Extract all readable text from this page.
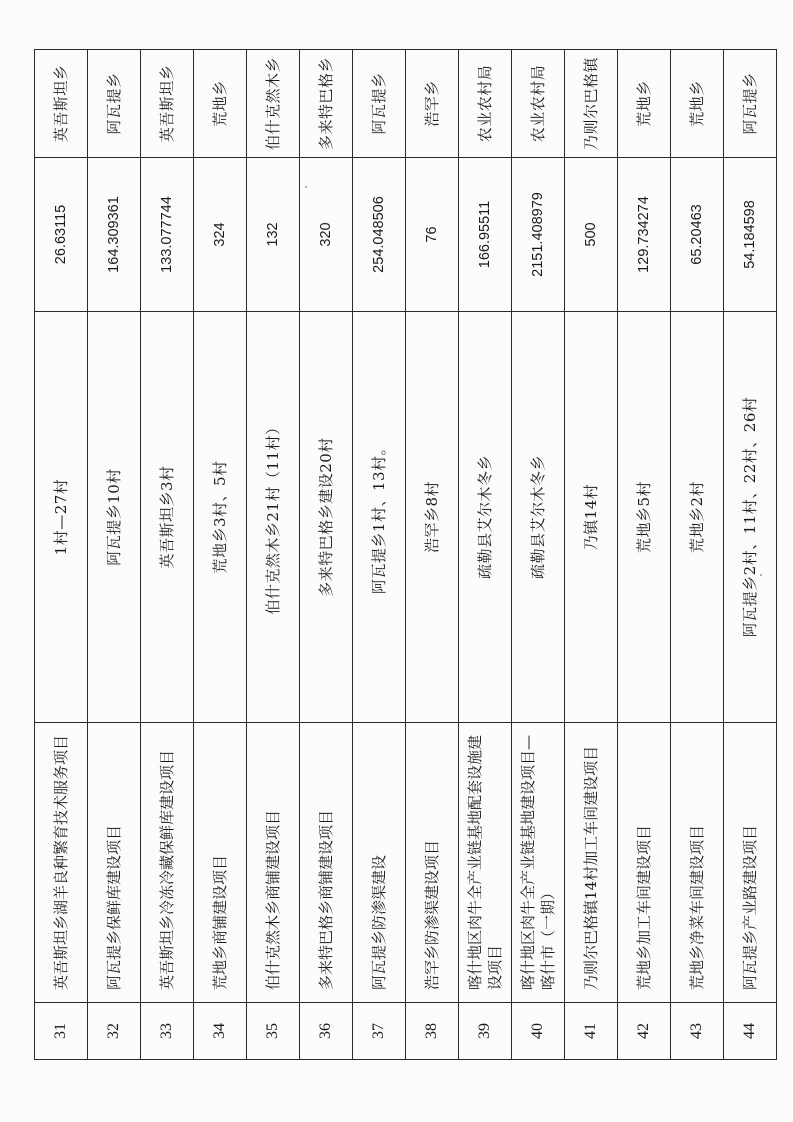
31	英吾斯坦乡湖羊良种繁育技术服务项目	1村—27村	26.63115	英吾斯坦乡
32	阿瓦提乡保鲜库建设项目	阿瓦提乡10村	164.309361	阿瓦提乡
33	英吾斯坦乡冷冻冷藏保鲜库建设项目	英吾斯坦乡3村	133.077744	英吾斯坦乡
34	荒地乡商铺建设项目	荒地乡3村、5村	324	荒地乡
35	伯什克然木乡商铺建设项目	伯什克然木乡21村（11村）	132	伯什克然木乡
36	多来特巴格乡商铺建设项目	多来特巴格乡建设20村	320	多来特巴格乡
37	阿瓦提乡防渗渠建设	阿瓦提乡1村、13村。	254.048506	阿瓦提乡
38	浩罕乡防渗渠建设项目	浩罕乡8村	76	浩罕乡
39	喀什地区肉牛全产业链基地配套设施建设项目	疏勒县艾尔木冬乡	166.95511	农业农村局
40	喀什地区肉牛全产业链基地建设项目—喀什市（一期）	疏勒县艾尔木冬乡	2151.408979	农业农村局
41	乃则尔巴格镇14村加工车间建设项目	乃镇14村	500	乃则尔巴格镇
42	荒地乡加工车间建设项目	荒地乡5村	129.734274	荒地乡
43	荒地乡净菜车间建设项目	荒地乡2村	65.20463	荒地乡
44	阿瓦提乡产业路建设项目	阿瓦提乡2村、11村、22村、26村	54.184598	阿瓦提乡
